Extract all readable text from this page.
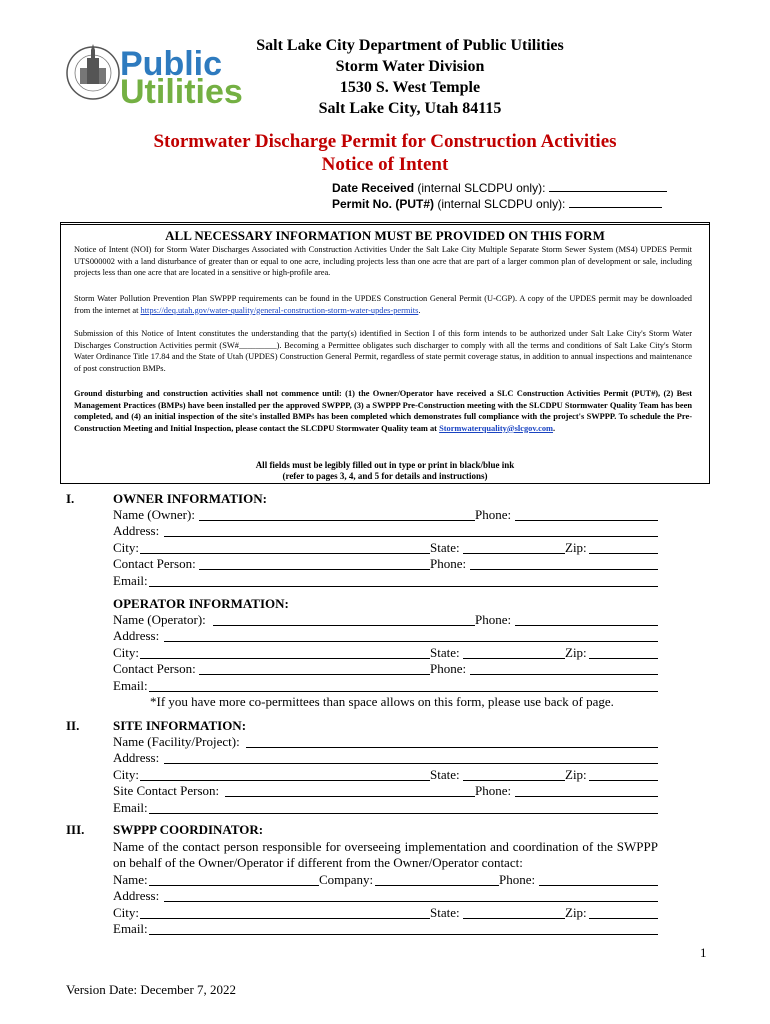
Public
Utilities
Salt Lake City Department of Public Utilities
Storm Water Division
1530 S. West Temple
Salt Lake City, Utah 84115
Stormwater Discharge Permit for Construction Activities
Notice of Intent
Date Received (internal SLCDPU only):
Permit No. (PUT#) (internal SLCDPU only):
ALL NECESSARY INFORMATION MUST BE PROVIDED ON THIS FORM
Notice of Intent (NOI) for Storm Water Discharges Associated with Construction Activities Under the Salt Lake City Multiple Separate Storm Sewer System (MS4) UPDES Permit UTS000002 with a land disturbance of greater than or equal to one acre, including projects less than one acre that are part of a larger common plan of development or sale, including projects less than one acre that are located in a sensitive or high-profile area.
Storm Water Pollution Prevention Plan SWPPP requirements can be found in the UPDES Construction General Permit (U-CGP). A copy of the UPDES permit may be downloaded from the internet at https://deq.utah.gov/water-quality/general-construction-storm-water-updes-permits.
Submission of this Notice of Intent constitutes the understanding that the party(s) identified in Section I of this form intends to be authorized under Salt Lake City's Storm Water Discharges Construction Activities permit (SW#_________). Becoming a Permittee obligates such discharger to comply with all the terms and conditions of Salt Lake City's Storm Water Ordinance Title 17.84 and the State of Utah (UPDES) Construction General Permit, regardless of state permit coverage status, in addition to annual inspections and maintenance of post construction BMPs.
Ground disturbing and construction activities shall not commence until: (1) the Owner/Operator have received a SLC Construction Activities Permit (PUT#), (2) Best Management Practices (BMPs) have been installed per the approved SWPPP, (3) a SWPPP Pre-Construction meeting with the SLCDPU Stormwater Quality Team has been completed, and (4) an initial inspection of the site's installed BMPs has been completed which demonstrates full compliance with the project's SWPPP. To schedule the Pre-Construction Meeting and Initial Inspection, please contact the SLCDPU Stormwater Quality team at Stormwaterquality@slcgov.com.
All fields must be legibly filled out in type or print in black/blue ink
(refer to pages 3, 4, and 5 for details and instructions)
I.	OWNER INFORMATION:
Name (Owner):	Phone:
Address:
City:	State:	Zip:
Contact Person:	Phone:
Email:
OPERATOR INFORMATION:
Name (Operator):	Phone:
Address:
City:	State:	Zip:
Contact Person:	Phone:
Email:
*If you have more co-permittees than space allows on this form, please use back of page.
II.	SITE INFORMATION:
Name (Facility/Project):
Address:
City:	State:	Zip:
Site Contact Person:	Phone:
Email:
III. SWPPP COORDINATOR:
Name of the contact person responsible for overseeing implementation and coordination of the SWPPP on behalf of the Owner/Operator if different from the Owner/Operator contact:
Name:	Company:	Phone:
Address:
City:	State:	Zip:
Email:
1
Version Date: December 7, 2022
